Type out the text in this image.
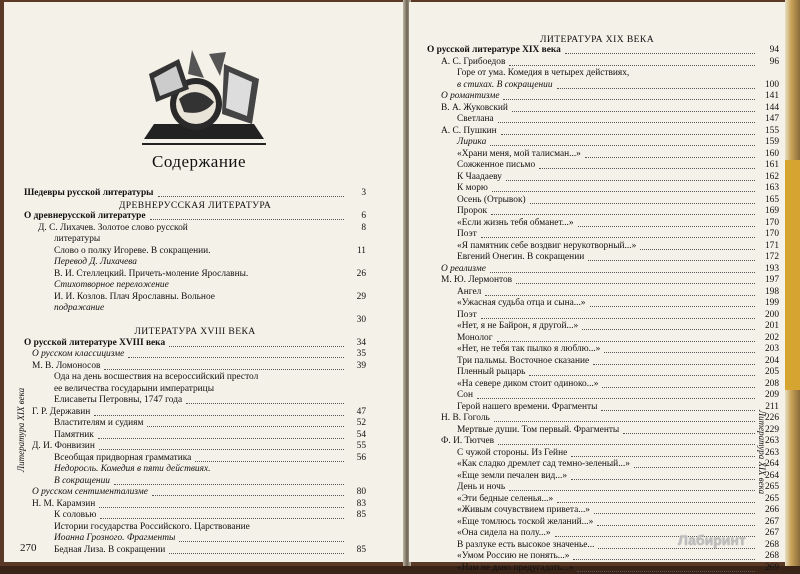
Содержание
Шедевры русской литературы	3
ДРЕВНЕРУССКАЯ ЛИТЕРАТУРА
О древнерусской литературе	6
Д. С. Лихачев. Золотое слово русской	8
литературы
Слово о полку Игореве. В сокращении.	11
Перевод Д. Лихачева
В. И. Стеллецкий. Причеть-моление Ярославны.	26
Стихотворное переложение
И. И. Козлов. Плач Ярославны. Вольное	29
подражание
30
ЛИТЕРАТУРА XVIII ВЕКА
О русской литературе XVIII века	34
О русском классицизме	35
М. В. Ломоносов	39
Ода на день восшествия на всероссийский престол
ее величества государыни императрицы
Елисаветы Петровны, 1747 года
Г. Р. Державин	47
Властителям и судиям	52
Памятник	54
Д. И. Фонвизин	55
Всеобщая придворная грамматика	56
Недоросль. Комедия в пяти действиях.
В сокращении
О русском сентиментализме	80
Н. М. Карамзин	83
К соловью	85
Истории государства Российского. Царствование
Иоанна Грозного. Фрагменты
Бедная Лиза. В сокращении	85
Литература XIX века
270
ЛИТЕРАТУРА XIX ВЕКА
О русской литературе XIX века	94
А. С. Грибоедов	96
Горе от ума. Комедия в четырех действиях,
в стихах. В сокращении	100
О романтизме	141
В. А. Жуковский	144
Светлана	147
А. С. Пушкин	155
Лирика	159
«Храни меня, мой талисман...»	160
Сожженное письмо	161
К Чаадаеву	162
К морю	163
Осень (Отрывок)	165
Пророк	169
«Если жизнь тебя обманет...»	170
Поэт	170
«Я памятник себе воздвиг нерукотворный...»	171
Евгений Онегин. В сокращении	172
О реализме	193
М. Ю. Лермонтов	197
Ангел	198
«Ужасная судьба отца и сына...»	199
Поэт	200
«Нет, я не Байрон, я другой...»	201
Монолог	202
«Нет, не тебя так пылко я люблю...»	203
Три пальмы. Восточное сказание	204
Пленный рыцарь	205
«На севере диком стоит одиноко...»	208
Сон	209
Герой нашего времени. Фрагменты	211
Н. В. Гоголь	226
Мертвые души. Том первый. Фрагменты	229
Ф. И. Тютчев	263
С чужой стороны. Из Гейне	263
«Как сладко дремлет сад темно-зеленый...»	264
«Еще земли печален вид...»	264
День и ночь	265
«Эти бедные селенья...»	265
«Живым сочувствием привета...»	266
«Еще томлюсь тоской желаний...»	267
«Она сидела на полу...»	267
В разлуке есть высокое значенье...	268
«Умом Россию не понять...»	268
«Нам не дано предугадать...»	269
Литература XIX века
Лабиринт
